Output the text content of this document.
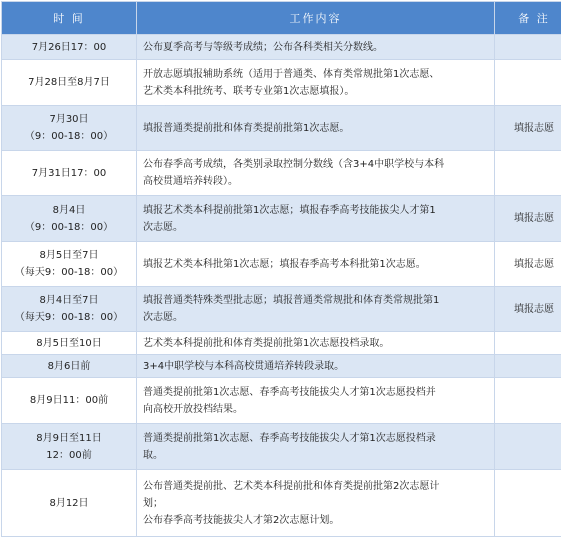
时 间	工作内容	备 注

7月26日17：00	公布夏季高考与等级考成绩；公布各科类相关分数线。	

7月28日至8月7日	开放志愿填报辅助系统（适用于普通类、体育类常规批第1次志愿、
艺术类本科批统考、联考专业第1次志愿填报）。	

7月30日
（9：00-18：00）	填报普通类提前批和体育类提前批第1次志愿。	填报志愿

7月31日17：00	公布春季高考成绩，各类别录取控制分数线（含3+4中职学校与本科
高校贯通培养转段）。	

8月4日
（9：00-18：00）	填报艺术类本科提前批第1次志愿；填报春季高考技能拔尖人才第1
次志愿。	填报志愿

8月5日至7日
（每天9：00-18：00）	填报艺术类本科批第1次志愿；填报春季高考本科批第1次志愿。	填报志愿

8月4日至7日
（每天9：00-18：00）	填报普通类特殊类型批志愿；填报普通类常规批和体育类常规批第1
次志愿。	填报志愿

8月5日至10日	艺术类本科提前批和体育类提前批第1次志愿投档录取。	

8月6日前	3+4中职学校与本科高校贯通培养转段录取。	

8月9日11：00前	普通类提前批第1次志愿、春季高考技能拔尖人才第1次志愿投档并
向高校开放投档结果。	

8月9日至11日
12：00前	普通类提前批第1次志愿、春季高考技能拔尖人才第1次志愿投档录
取。	

8月12日	公布普通类提前批、艺术类本科提前批和体育类提前批第2次志愿计
划；
公布春季高考技能拔尖人才第2次志愿计划。	
